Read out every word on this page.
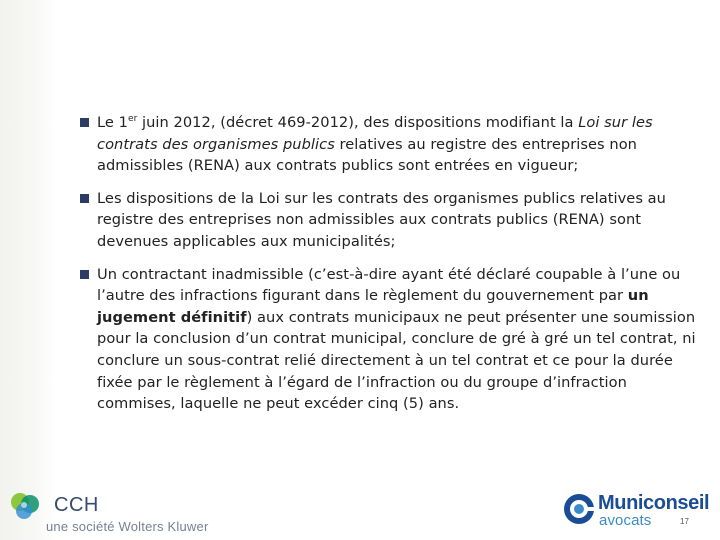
Le 1er juin 2012, (décret 469-2012), des dispositions modifiant la Loi sur les contrats des organismes publics relatives au registre des entreprises non admissibles (RENA) aux contrats publics sont entrées en vigueur;
Les dispositions de la Loi sur les contrats des organismes publics relatives au registre des entreprises non admissibles aux contrats publics (RENA) sont devenues applicables aux municipalités;
Un contractant inadmissible (c’est-à-dire ayant été déclaré coupable à l’une ou l’autre des infractions figurant dans le règlement du gouvernement par un jugement définitif) aux contrats municipaux ne peut présenter une soumission pour la conclusion d’un contrat municipal, conclure de gré à gré un tel contrat, ni conclure un sous-contrat relié directement à un tel contrat et ce pour la durée fixée par le règlement à l’égard de l’infraction ou du groupe d’infraction commises, laquelle ne peut excéder cinq (5) ans.
CCH
une société Wolters Kluwer
Municonseil
avocats	17
